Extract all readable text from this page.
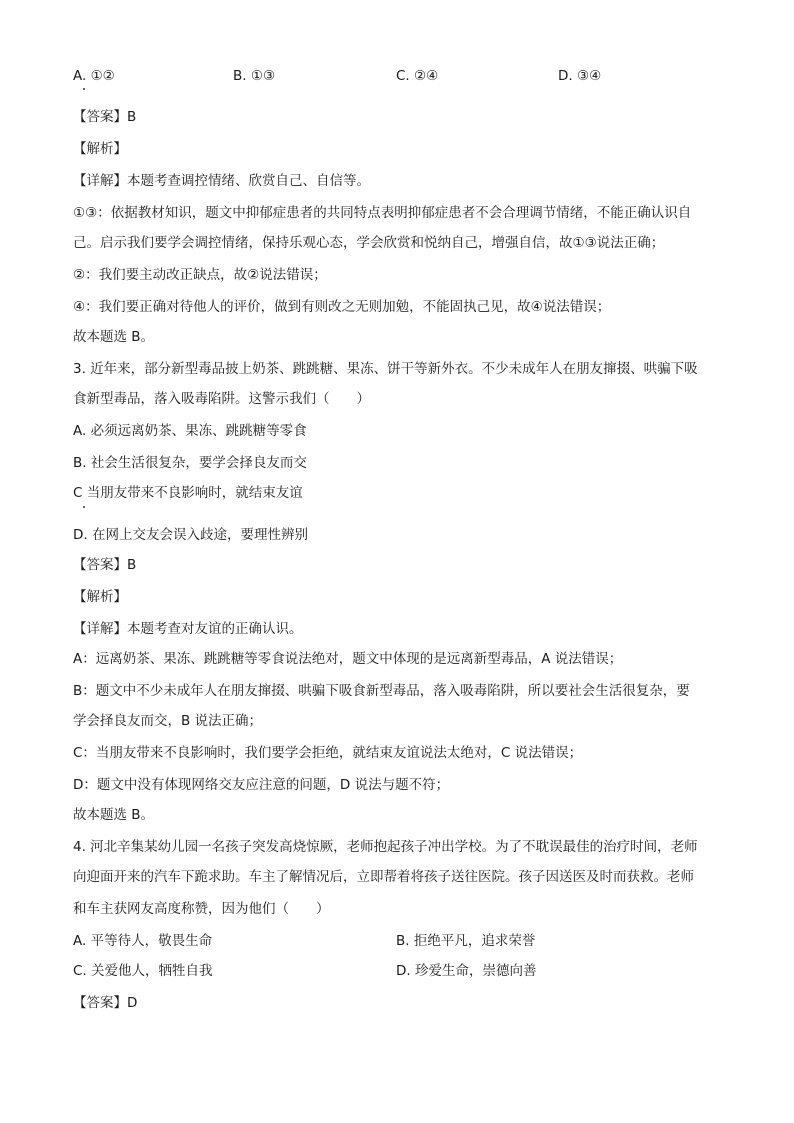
A. ①②	B. ①③	C. ②④	D. ③④
【答案】B
【解析】
【详解】本题考查调控情绪、欣赏自己、自信等。
①③：依据教材知识，题文中抑郁症患者的共同特点表明抑郁症患者不会合理调节情绪，不能正确认识自
己。启示我们要学会调控情绪，保持乐观心态，学会欣赏和悦纳自己，增强自信，故①③说法正确；
②：我们要主动改正缺点，故②说法错误；
④：我们要正确对待他人的评价，做到有则改之无则加勉，不能固执己见，故④说法错误；
故本题选 B。
3. 近年来，部分新型毒品披上奶茶、跳跳糖、果冻、饼干等新外衣。不少未成年人在朋友撺掇、哄骗下吸
食新型毒品，落入吸毒陷阱。这警示我们（　　）
A. 必须远离奶茶、果冻、跳跳糖等零食
B. 社会生活很复杂，要学会择良友而交
C 当朋友带来不良影响时，就结束友谊
D. 在网上交友会误入歧途，要理性辨别
【答案】B
【解析】
【详解】本题考查对友谊的正确认识。
A：远离奶茶、果冻、跳跳糖等零食说法绝对，题文中体现的是远离新型毒品，A 说法错误；
B：题文中不少未成年人在朋友撺掇、哄骗下吸食新型毒品，落入吸毒陷阱，所以要社会生活很复杂，要
学会择良友而交，B 说法正确；
C：当朋友带来不良影响时，我们要学会拒绝，就结束友谊说法太绝对，C 说法错误；
D：题文中没有体现网络交友应注意的问题，D 说法与题不符；
故本题选 B。
4. 河北辛集某幼儿园一名孩子突发高烧惊厥，老师抱起孩子冲出学校。为了不耽误最佳的治疗时间，老师
向迎面开来的汽车下跪求助。车主了解情况后，立即帮着将孩子送往医院。孩子因送医及时而获救。老师
和车主获网友高度称赞，因为他们（　　）
A. 平等待人，敬畏生命	B. 拒绝平凡，追求荣誉
C. 关爱他人，牺牲自我	D. 珍爱生命，崇德向善
【答案】D
